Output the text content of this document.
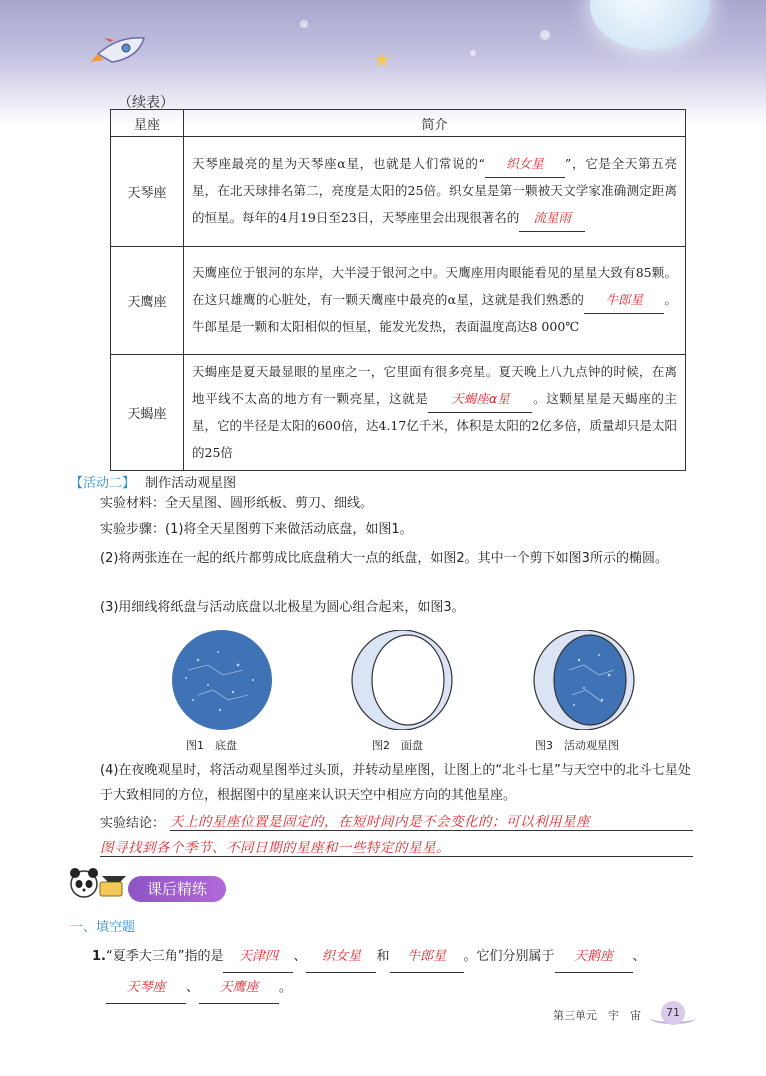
★
（续表）
星座	简介
天琴座	天琴座最亮的星为天琴座α星，也就是人们常说的“ 织女星 ”，它是全天第五亮星，在北天球排名第二，亮度是太阳的25倍。织女星是第一颗被天文学家准确测定距离的恒星。每年的4月19日至23日，天琴座里会出现很著名的 流星雨
天鹰座	天鹰座位于银河的东岸，大半浸于银河之中。天鹰座用肉眼能看见的星星大致有85颗。在这只雄鹰的心脏处，有一颗天鹰座中最亮的α星，这就是我们熟悉的 牛郎星 。牛郎星是一颗和太阳相似的恒星，能发光发热，表面温度高达8 000℃
天蝎座	天蝎座是夏天最显眼的星座之一，它里面有很多亮星。夏天晚上八九点钟的时候，在离地平线不太高的地方有一颗亮星，这就是 天蝎座α星 。这颗星星是天蝎座的主星，它的半径是太阳的600倍，达4.17亿千米，体积是太阳的2亿多倍，质量却只是太阳的25倍
【活动二】 制作活动观星图
实验材料：全天星图、圆形纸板、剪刀、细线。
实验步骤：(1)将全天星图剪下来做活动底盘，如图1。
(2)将两张连在一起的纸片都剪成比底盘稍大一点的纸盘，如图2。其中一个剪下如图3所示的椭圆。
(3)用细线将纸盘与活动底盘以北极星为圆心组合起来，如图3。
图1　底盘	图2　面盘	图3　活动观星图
(4)在夜晚观星时，将活动观星图举过头顶，并转动星座图，让图上的“北斗七星”与天空中的北斗七星处于大致相同的方位，根据图中的星座来认识天空中相应方向的其他星座。
实验结论： 天上的星座位置是固定的，在短时间内是不会变化的；可以利用星座
图寻找到各个季节、不同日期的星座和一些特定的星星。
课后精练
一、填空题
1.“夏季大三角”指的是 天津四 、 织女星 和 牛郎星 。它们分别属于 天鹅座 、
天琴座 、 天鹰座 。
第三单元　宇　宙	71
